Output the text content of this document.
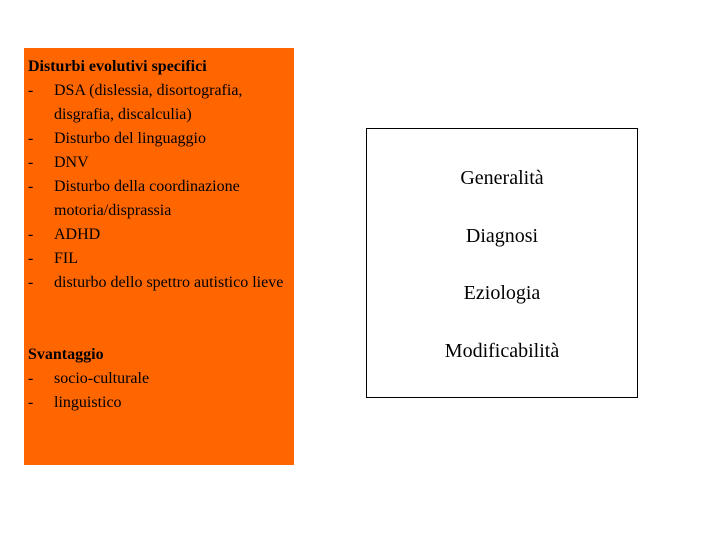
Disturbi evolutivi specifici
-	DSA (dislessia, disortografia, disgrafia, discalculia)
-	Disturbo del linguaggio
-	DNV
-	Disturbo della coordinazione motoria/disprassia
-	ADHD
-	FIL
-	disturbo dello spettro autistico lieve
Svantaggio
-	socio-culturale
-	linguistico
Generalità
Diagnosi
Eziologia
Modificabilità
